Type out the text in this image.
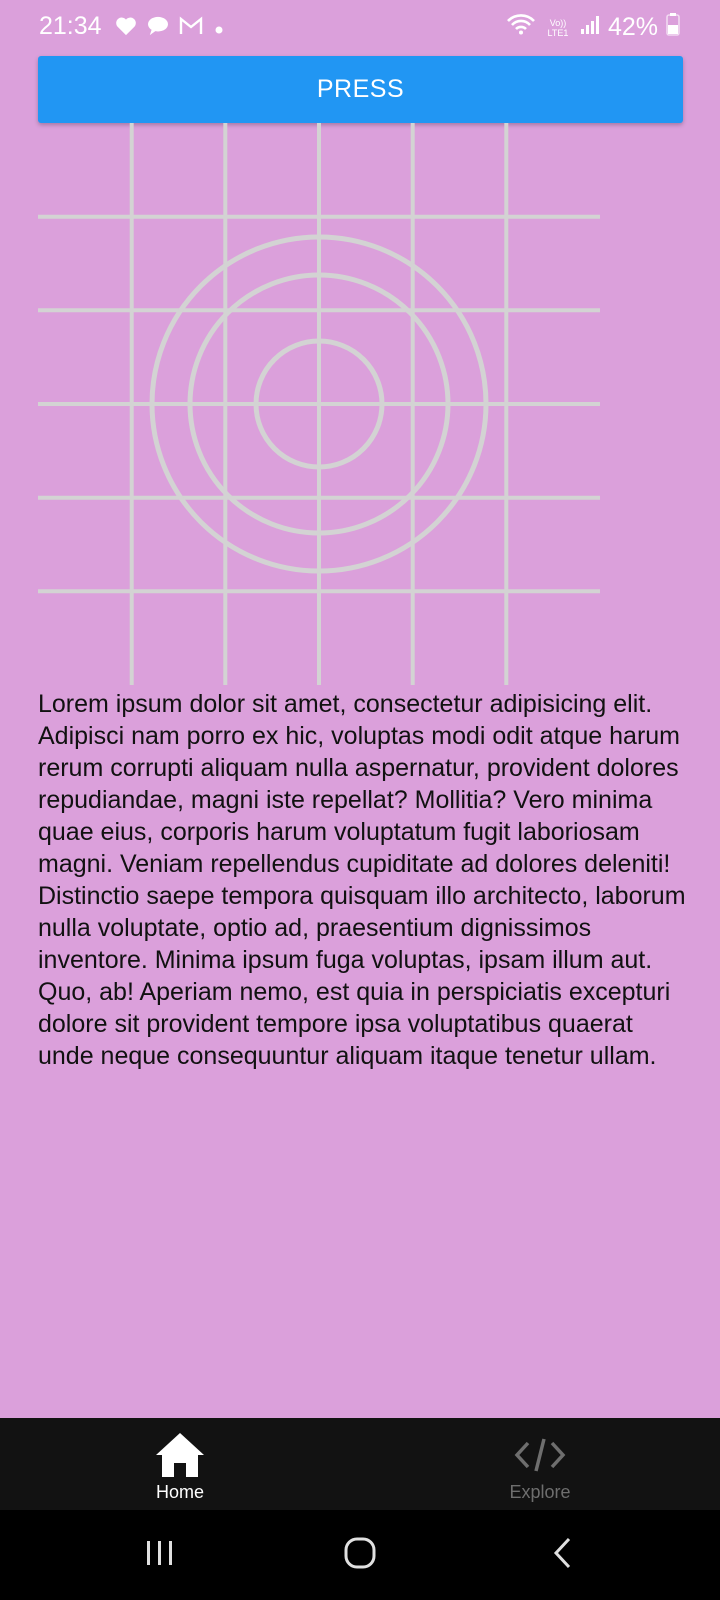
21:34	Vo)) LTE1 42%
PRESS

Lorem ipsum dolor sit amet, consectetur adipisicing elit. Adipisci nam porro ex hic, voluptas modi odit atque harum rerum corrupti aliquam nulla aspernatur, provident dolores repudiandae, magni iste repellat? Mollitia? Vero minima quae eius, corporis harum voluptatum fugit laboriosam magni. Veniam repellendus cupiditate ad dolores deleniti! Distinctio saepe tempora quisquam illo architecto, laborum nulla voluptate, optio ad, praesentium dignissimos inventore. Minima ipsum fuga voluptas, ipsam illum aut. Quo, ab! Aperiam nemo, est quia in perspiciatis excepturi dolore sit provident tempore ipsa voluptatibus quaerat unde neque consequuntur aliquam itaque tenetur ullam.

Home	Explore
